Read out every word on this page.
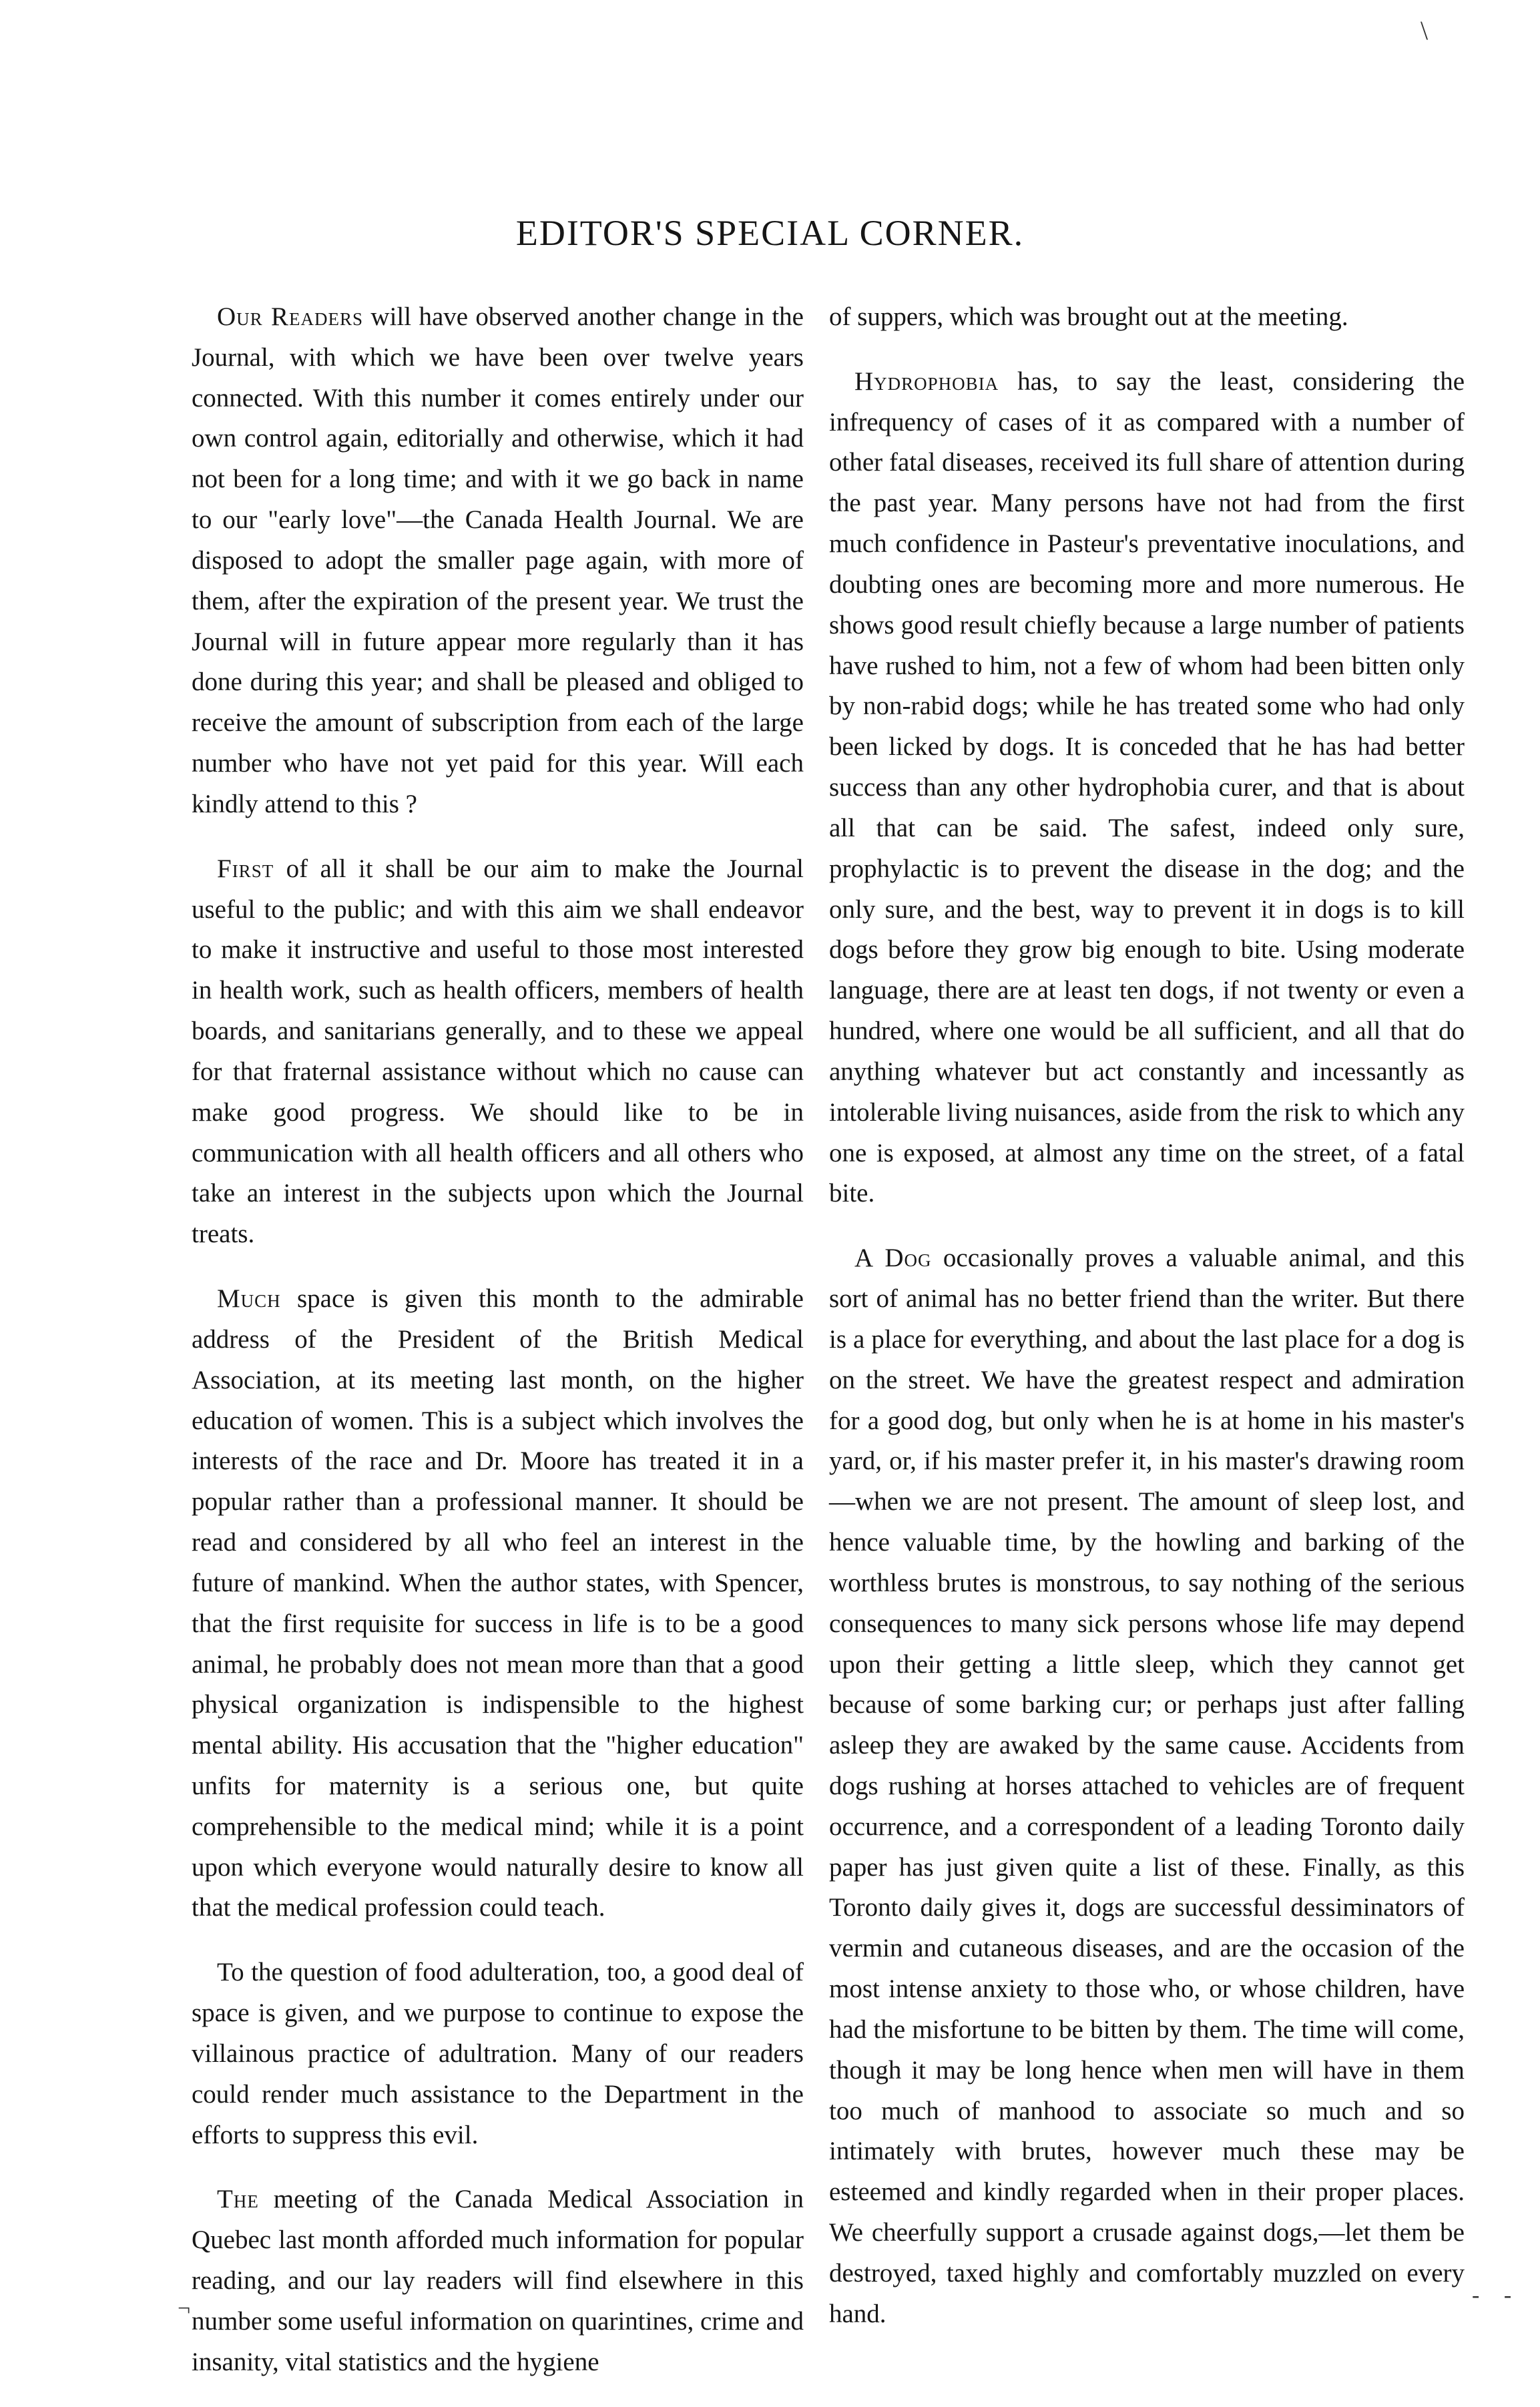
\
EDITOR'S SPECIAL CORNER.

Our Readers will have observed another change in the Journal, with which we have been over twelve years connected. With this number it comes entirely under our own control again, editorially and otherwise, which it had not been for a long time; and with it we go back in name to our "early love"—the Canada Health Journal. We are disposed to adopt the smaller page again, with more of them, after the expiration of the present year. We trust the Journal will in future appear more regularly than it has done during this year; and shall be pleased and obliged to receive the amount of subscription from each of the large number who have not yet paid for this year. Will each kindly attend to this ?

First of all it shall be our aim to make the Journal useful to the public; and with this aim we shall endeavor to make it instructive and useful to those most interested in health work, such as health officers, members of health boards, and sanitarians generally, and to these we appeal for that fraternal assistance without which no cause can make good progress. We should like to be in communication with all health officers and all others who take an interest in the subjects upon which the Journal treats.

Much space is given this month to the admirable address of the President of the British Medical Association, at its meeting last month, on the higher education of women. This is a subject which involves the interests of the race and Dr. Moore has treated it in a popular rather than a professional manner. It should be read and considered by all who feel an interest in the future of mankind. When the author states, with Spencer, that the first requisite for success in life is to be a good animal, he probably does not mean more than that a good physical organization is indispensible to the highest mental ability. His accusation that the "higher education" unfits for maternity is a serious one, but quite comprehensible to the medical mind; while it is a point upon which everyone would naturally desire to know all that the medical profession could teach.

To the question of food adulteration, too, a good deal of space is given, and we purpose to continue to expose the villainous practice of adultration. Many of our readers could render much assistance to the Department in the efforts to suppress this evil.

The meeting of the Canada Medical Association in Quebec last month afforded much information for popular reading, and our lay readers will find elsewhere in this number some useful information on quarintines, crime and insanity, vital statistics and the hygiene

of suppers, which was brought out at the meeting.

Hydrophobia has, to say the least, considering the infrequency of cases of it as compared with a number of other fatal diseases, received its full share of attention during the past year. Many persons have not had from the first much confidence in Pasteur's preventative inoculations, and doubting ones are becoming more and more numerous. He shows good result chiefly because a large number of patients have rushed to him, not a few of whom had been bitten only by non-rabid dogs; while he has treated some who had only been licked by dogs. It is conceded that he has had better success than any other hydrophobia curer, and that is about all that can be said. The safest, indeed only sure, prophylactic is to prevent the disease in the dog; and the only sure, and the best, way to prevent it in dogs is to kill dogs before they grow big enough to bite. Using moderate language, there are at least ten dogs, if not twenty or even a hundred, where one would be all sufficient, and all that do anything whatever but act constantly and incessantly as intolerable living nuisances, aside from the risk to which any one is exposed, at almost any time on the street, of a fatal bite.

A Dog occasionally proves a valuable animal, and this sort of animal has no better friend than the writer. But there is a place for everything, and about the last place for a dog is on the street. We have the greatest respect and admiration for a good dog, but only when he is at home in his master's yard, or, if his master prefer it, in his master's drawing room—when we are not present. The amount of sleep lost, and hence valuable time, by the howling and barking of the worthless brutes is monstrous, to say nothing of the serious consequences to many sick persons whose life may depend upon their getting a little sleep, which they cannot get because of some barking cur; or perhaps just after falling asleep they are awaked by the same cause. Accidents from dogs rushing at horses attached to vehicles are of frequent occurrence, and a correspondent of a leading Toronto daily paper has just given quite a list of these. Finally, as this Toronto daily gives it, dogs are successful dessiminators of vermin and cutaneous diseases, and are the occasion of the most intense anxiety to those who, or whose children, have had the misfortune to be bitten by them. The time will come, though it may be long hence when men will have in them too much of manhood to associate so much and so intimately with brutes, however much these may be esteemed and kindly regarded when in their proper places. We cheerfully support a crusade against dogs,—let them be destroyed, taxed highly and comfortably muzzled on every hand.

¬
- -
